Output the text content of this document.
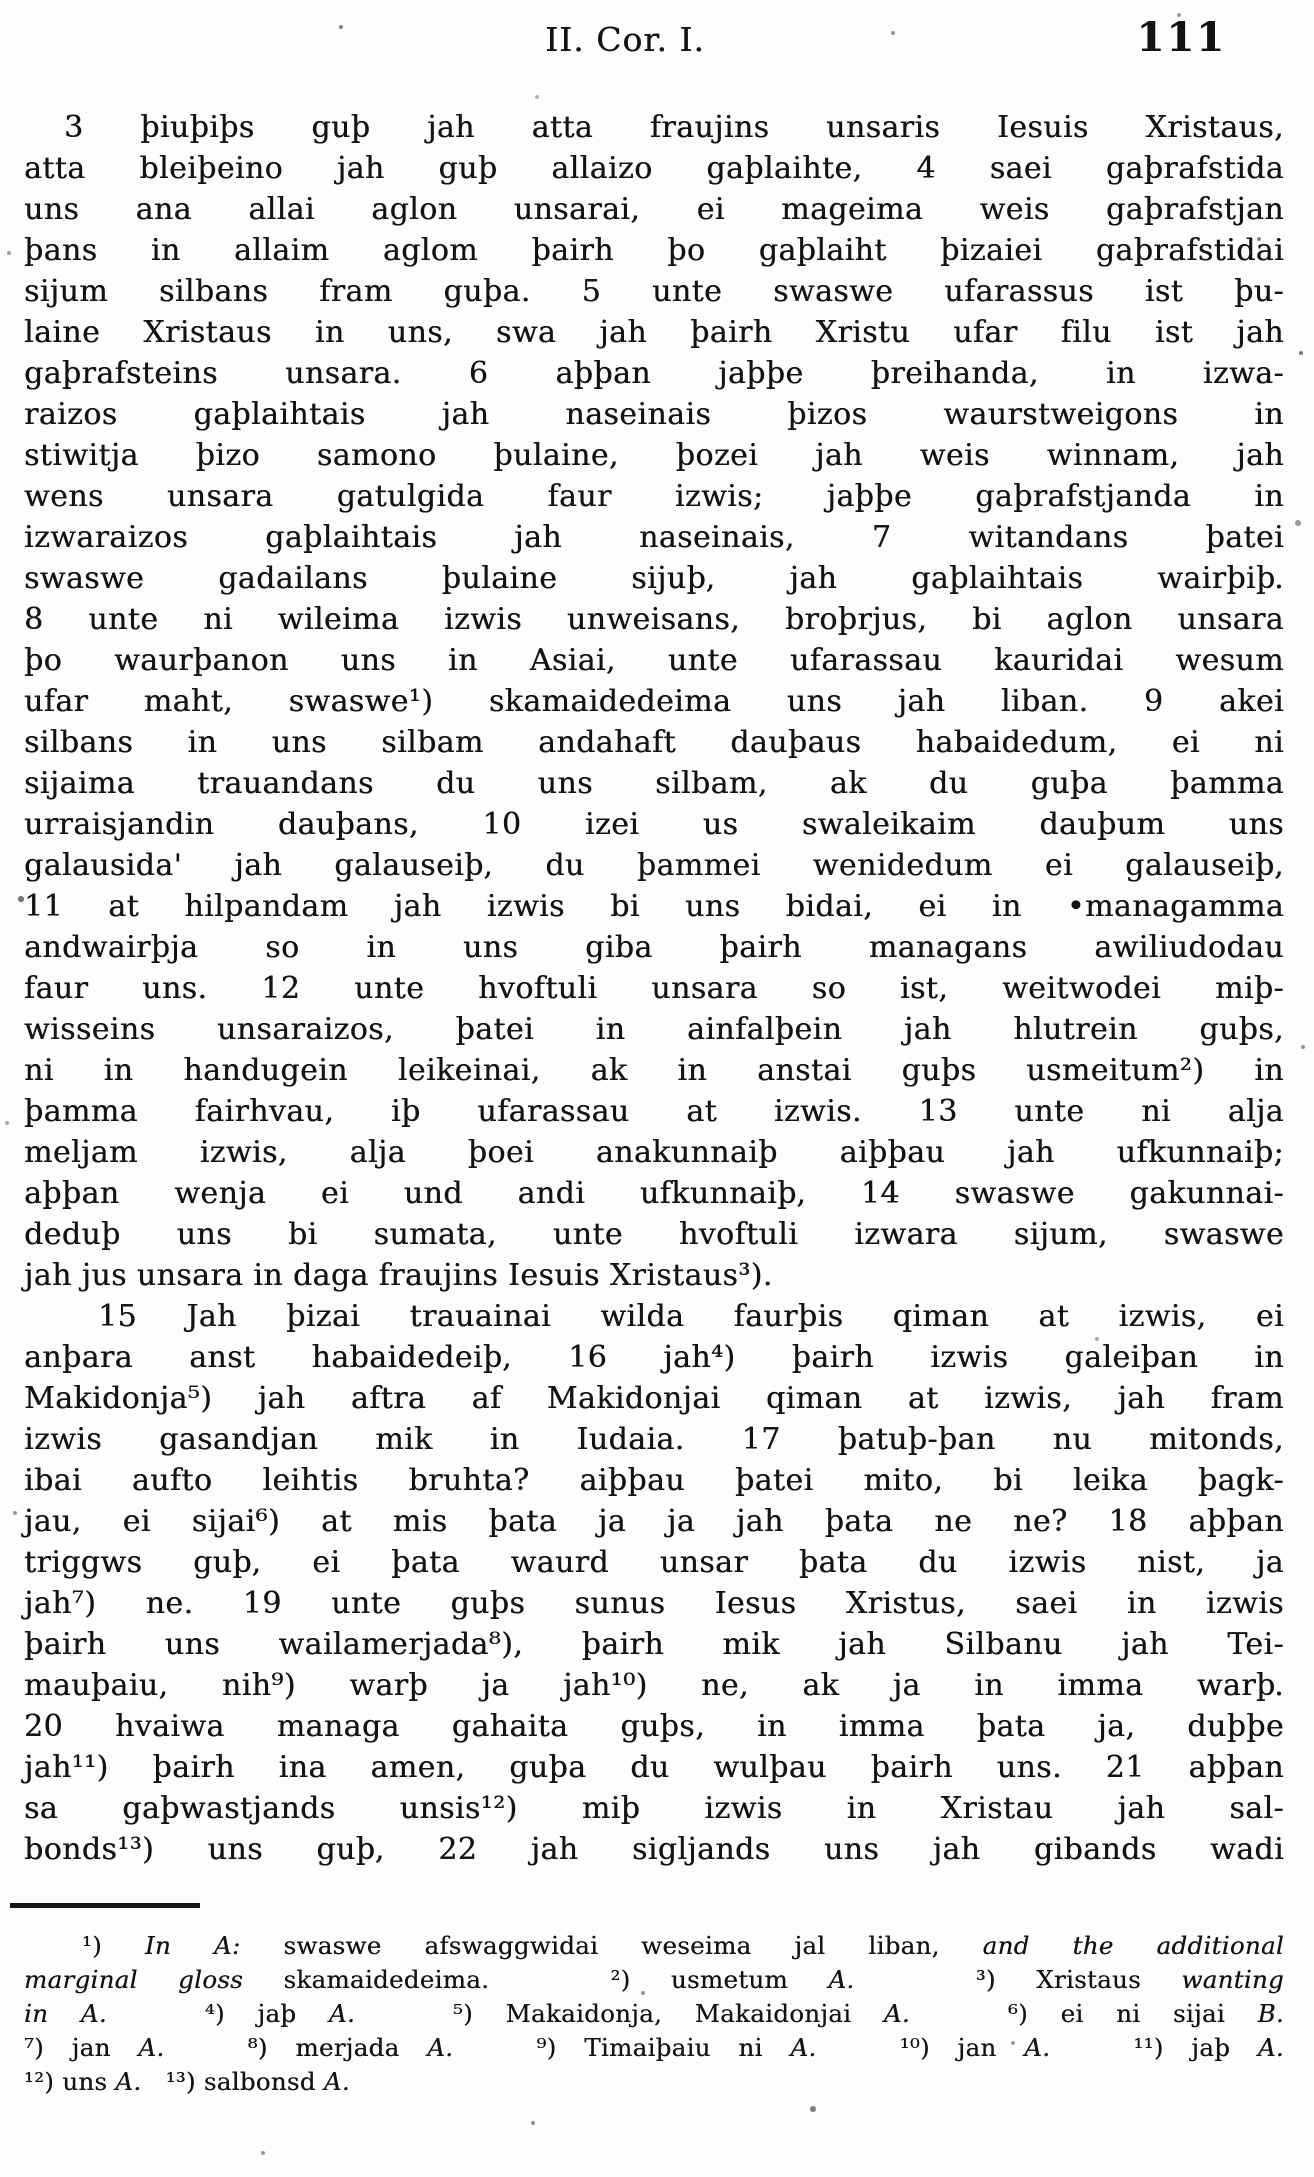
II. Cor. I.	111
3 þiuþiþs guþ jah atta fraujins unsaris Iesuis Xristaus,
atta bleiþeino jah guþ allaizo gaþlaihte, 4 saei gaþrafstida
uns ana allai aglon unsarai, ei mageima weis gaþrafstjan
þans in allaim aglom þairh þo gaþlaiht þizaiei gaþrafstidai
sijum silbans fram guþa. 5 unte swaswe ufarassus ist þu-
laine Xristaus in uns, swa jah þairh Xristu ufar filu ist jah
gaþrafsteins unsara. 6 aþþan jaþþe þreihanda, in izwa-
raizos gaþlaihtais jah naseinais þizos waurstweigons in
stiwitja þizo samono þulaine, þozei jah weis winnam, jah
wens unsara gatulgida faur izwis; jaþþe gaþrafstjanda in
izwaraizos gaþlaihtais jah naseinais, 7 witandans þatei
swaswe gadailans þulaine sijuþ, jah gaþlaihtais wairþiþ.
8 unte ni wileima izwis unweisans, broþrjus, bi aglon unsara
þo waurþanon uns in Asiai, unte ufarassau kauridai wesum
ufar maht, swaswe¹) skamaidedeima uns jah liban. 9 akei
silbans in uns silbam andahaft dauþaus habaidedum, ei ni
sijaima trauandans du uns silbam, ak du guþa þamma
urraisjandin dauþans, 10 izei us swaleikaim dauþum uns
galausida' jah galauseiþ, du þammei wenidedum ei galauseiþ,
11 at hilpandam jah izwis bi uns bidai, ei in •managamma
andwairþja so in uns giba þairh managans awiliudodau
faur uns. 12 unte hvoftuli unsara so ist, weitwodei miþ-
wisseins unsaraizos, þatei in ainfalþein jah hlutrein guþs,
ni in handugein leikeinai, ak in anstai guþs usmeitum²) in
þamma fairhvau, iþ ufarassau at izwis. 13 unte ni alja
meljam izwis, alja þoei anakunnaiþ aiþþau jah ufkunnaiþ;
aþþan wenja ei und andi ufkunnaiþ, 14 swaswe gakunnai-
deduþ uns bi sumata, unte hvoftuli izwara sijum, swaswe
jah jus unsara in daga fraujins Iesuis Xristaus³).
15 Jah þizai trauainai wilda faurþis qiman at izwis, ei
anþara anst habaidedeiþ, 16 jah⁴) þairh izwis galeiþan in
Makidonja⁵) jah aftra af Makidonjai qiman at izwis, jah fram
izwis gasandjan mik in Iudaia. 17 þatuþ-þan nu mitonds,
ibai aufto leihtis bruhta? aiþþau þatei mito, bi leika þagk-
jau, ei sijai⁶) at mis þata ja ja jah þata ne ne? 18 aþþan
triggws guþ, ei þata waurd unsar þata du izwis nist, ja
jah⁷) ne. 19 unte guþs sunus Iesus Xristus, saei in izwis
þairh uns wailamerjada⁸), þairh mik jah Silbanu jah Tei-
mauþaiu, nih⁹) warþ ja jah¹⁰) ne, ak ja in imma warþ.
20 hvaiwa managa gahaita guþs, in imma þata ja, duþþe
jah¹¹) þairh ina amen, guþa du wulþau þairh uns. 21 aþþan
sa gaþwastjands unsis¹²) miþ izwis in Xristau jah sal-
bonds¹³) uns guþ, 22 jah sigljands uns jah gibands wadi
¹) In A: swaswe afswaggwidai weseima jal liban, and the additional
marginal gloss skamaidedeima.   ²) usmetum A.   ³) Xristaus wanting
in A.   ⁴) jaþ A.   ⁵) Makaidonja, Makaidonjai A.   ⁶) ei ni sijai B.
⁷) jan A.   ⁸) merjada A.   ⁹) Timaiþaiu ni A.   ¹⁰) jan A.   ¹¹) jaþ A.
¹²) uns A.   ¹³) salbonsd A.
